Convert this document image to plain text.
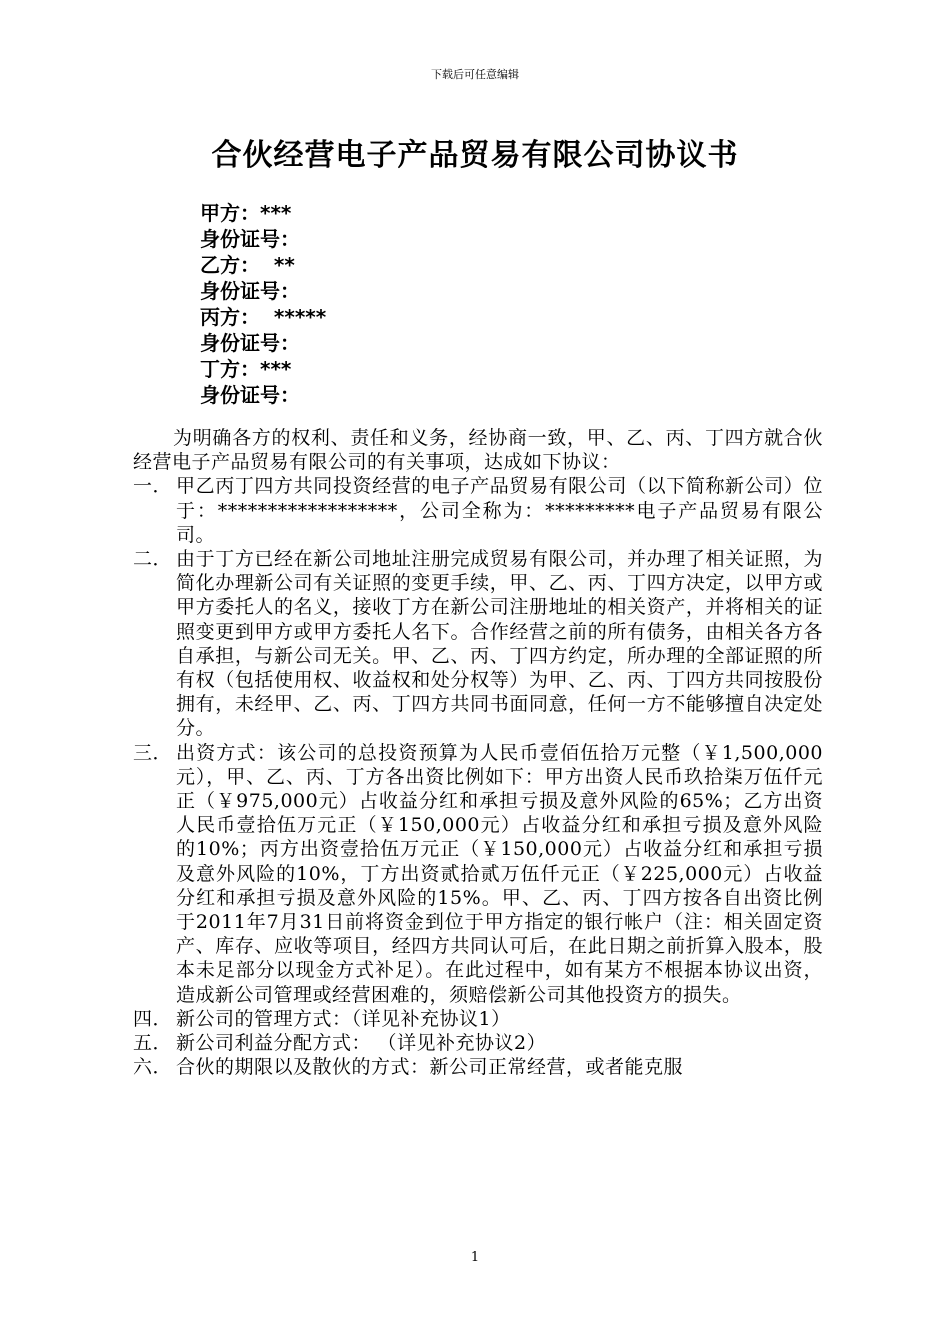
下载后可任意编辑
合伙经营电子产品贸易有限公司协议书
甲方：***
身份证号：
乙方：  **
身份证号：
丙方：  *****
身份证号：
丁方：***
身份证号：

为明确各方的权利、责任和义务，经协商一致，甲、乙、丙、丁四方就合伙经营电子产品贸易有限公司的有关事项，达成如下协议：

一． 甲乙丙丁四方共同投资经营的电子产品贸易有限公司（以下简称新公司）位于：******************，公司全称为：*********电子产品贸易有限公司。
二． 由于丁方已经在新公司地址注册完成贸易有限公司，并办理了相关证照，为简化办理新公司有关证照的变更手续，甲、乙、丙、丁四方决定，以甲方或甲方委托人的名义，接收丁方在新公司注册地址的相关资产，并将相关的证照变更到甲方或甲方委托人名下。合作经营之前的所有债务，由相关各方各自承担，与新公司无关。甲、乙、丙、丁四方约定，所办理的全部证照的所有权（包括使用权、收益权和处分权等）为甲、乙、丙、丁四方共同按股份拥有，未经甲、乙、丙、丁四方共同书面同意，任何一方不能够擅自决定处分。
三． 出资方式：该公司的总投资预算为人民币壹佰伍拾万元整（￥1,500,000元），甲、乙、丙、丁方各出资比例如下：甲方出资人民币玖拾柒万伍仟元正（￥975,000元）占收益分红和承担亏损及意外风险的65%；乙方出资人民币壹拾伍万元正（￥150,000元）占收益分红和承担亏损及意外风险的10%；丙方出资壹拾伍万元正（￥150,000元）占收益分红和承担亏损及意外风险的10%，丁方出资贰拾贰万伍仟元正（￥225,000元）占收益分红和承担亏损及意外风险的15%。甲、乙、丙、丁四方按各自出资比例于2011年7月31日前将资金到位于甲方指定的银行帐户（注：相关固定资产、库存、应收等项目，经四方共同认可后，在此日期之前折算入股本，股本未足部分以现金方式补足）。在此过程中，如有某方不根据本协议出资，造成新公司管理或经营困难的，须赔偿新公司其他投资方的损失。
四． 新公司的管理方式：（详见补充协议1）
五． 新公司利益分配方式： （详见补充协议2）
六． 合伙的期限以及散伙的方式：新公司正常经营，或者能克服
1
